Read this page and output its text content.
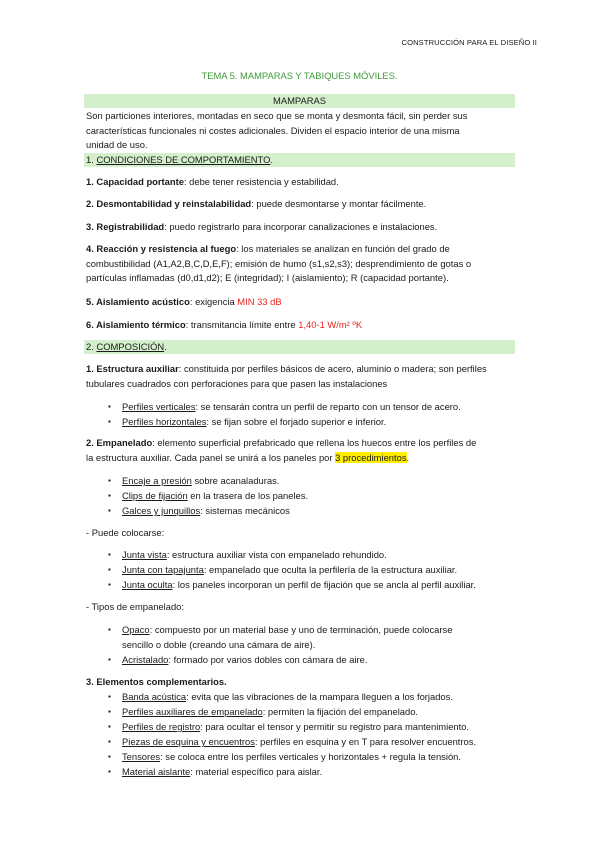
CONSTRUCCIÓN PARA EL DISEÑO II
TEMA 5. MAMPARAS Y TABIQUES MÓVILES.
MAMPARAS
Son particiones interiores, montadas en seco que se monta y desmonta fácil, sin perder sus
características funcionales ni costes adicionales. Dividen el espacio interior de una misma
unidad de uso.
1. CONDICIONES DE COMPORTAMIENTO.
1. Capacidad portante: debe tener resistencia y estabilidad.
2. Desmontabilidad y reinstalabilidad: puede desmontarse y montar fácilmente.
3. Registrabilidad: puedo registrarlo para incorporar canalizaciones e instalaciones.
4. Reacción y resistencia al fuego: los materiales se analizan en función del grado de
combustibilidad (A1,A2,B,C,D,E,F); emisión de humo (s1,s2,s3); desprendimiento de gotas o
partículas inflamadas (d0,d1,d2); E (integridad); I (aislamiento); R (capacidad portante).
5. Aislamiento acústico: exigencia MIN 33 dB
6. Aislamiento térmico: transmitancia límite entre 1,40-1 W/m² ºK
2. COMPOSICIÓN.
1. Estructura auxiliar: constituida por perfiles básicos de acero, aluminio o madera; son perfiles
tubulares cuadrados con perforaciones para que pasen las instalaciones
▪ Perfiles verticales: se tensarán contra un perfil de reparto con un tensor de acero.
▪ Perfiles horizontales: se fijan sobre el forjado superior e inferior.
2. Empanelado: elemento superficial prefabricado que rellena los huecos entre los perfiles de
la estructura auxiliar. Cada panel se unirá a los paneles por 3 procedimientos.
▪ Encaje a presión sobre acanaladuras.
▪ Clips de fijación en la trasera de los paneles.
▪ Galces y junquillos: sistemas mecánicos
- Puede colocarse:
▪ Junta vista: estructura auxiliar vista con empanelado rehundido.
▪ Junta con tapajunta: empanelado que oculta la perfilería de la estructura auxiliar.
▪ Junta oculta: los paneles incorporan un perfil de fijación que se ancla al perfil auxiliar.
- Tipos de empanelado:
▪ Opaco: compuesto por un material base y uno de terminación, puede colocarse
sencillo o doble (creando una cámara de aire).
▪ Acristalado: formado por varios dobles con cámara de aire.
3. Elementos complementarios.
▪ Banda acústica: evita que las vibraciones de la mampara lleguen a los forjados.
▪ Perfiles auxiliares de empanelado: permiten la fijación del empanelado.
▪ Perfiles de registro: para ocultar el tensor y permitir su registro para mantenimiento.
▪ Piezas de esquina y encuentros: perfiles en esquina y en T para resolver encuentros.
▪ Tensores: se coloca entre los perfiles verticales y horizontales + regula la tensión.
▪ Material aislante: material específico para aislar.
